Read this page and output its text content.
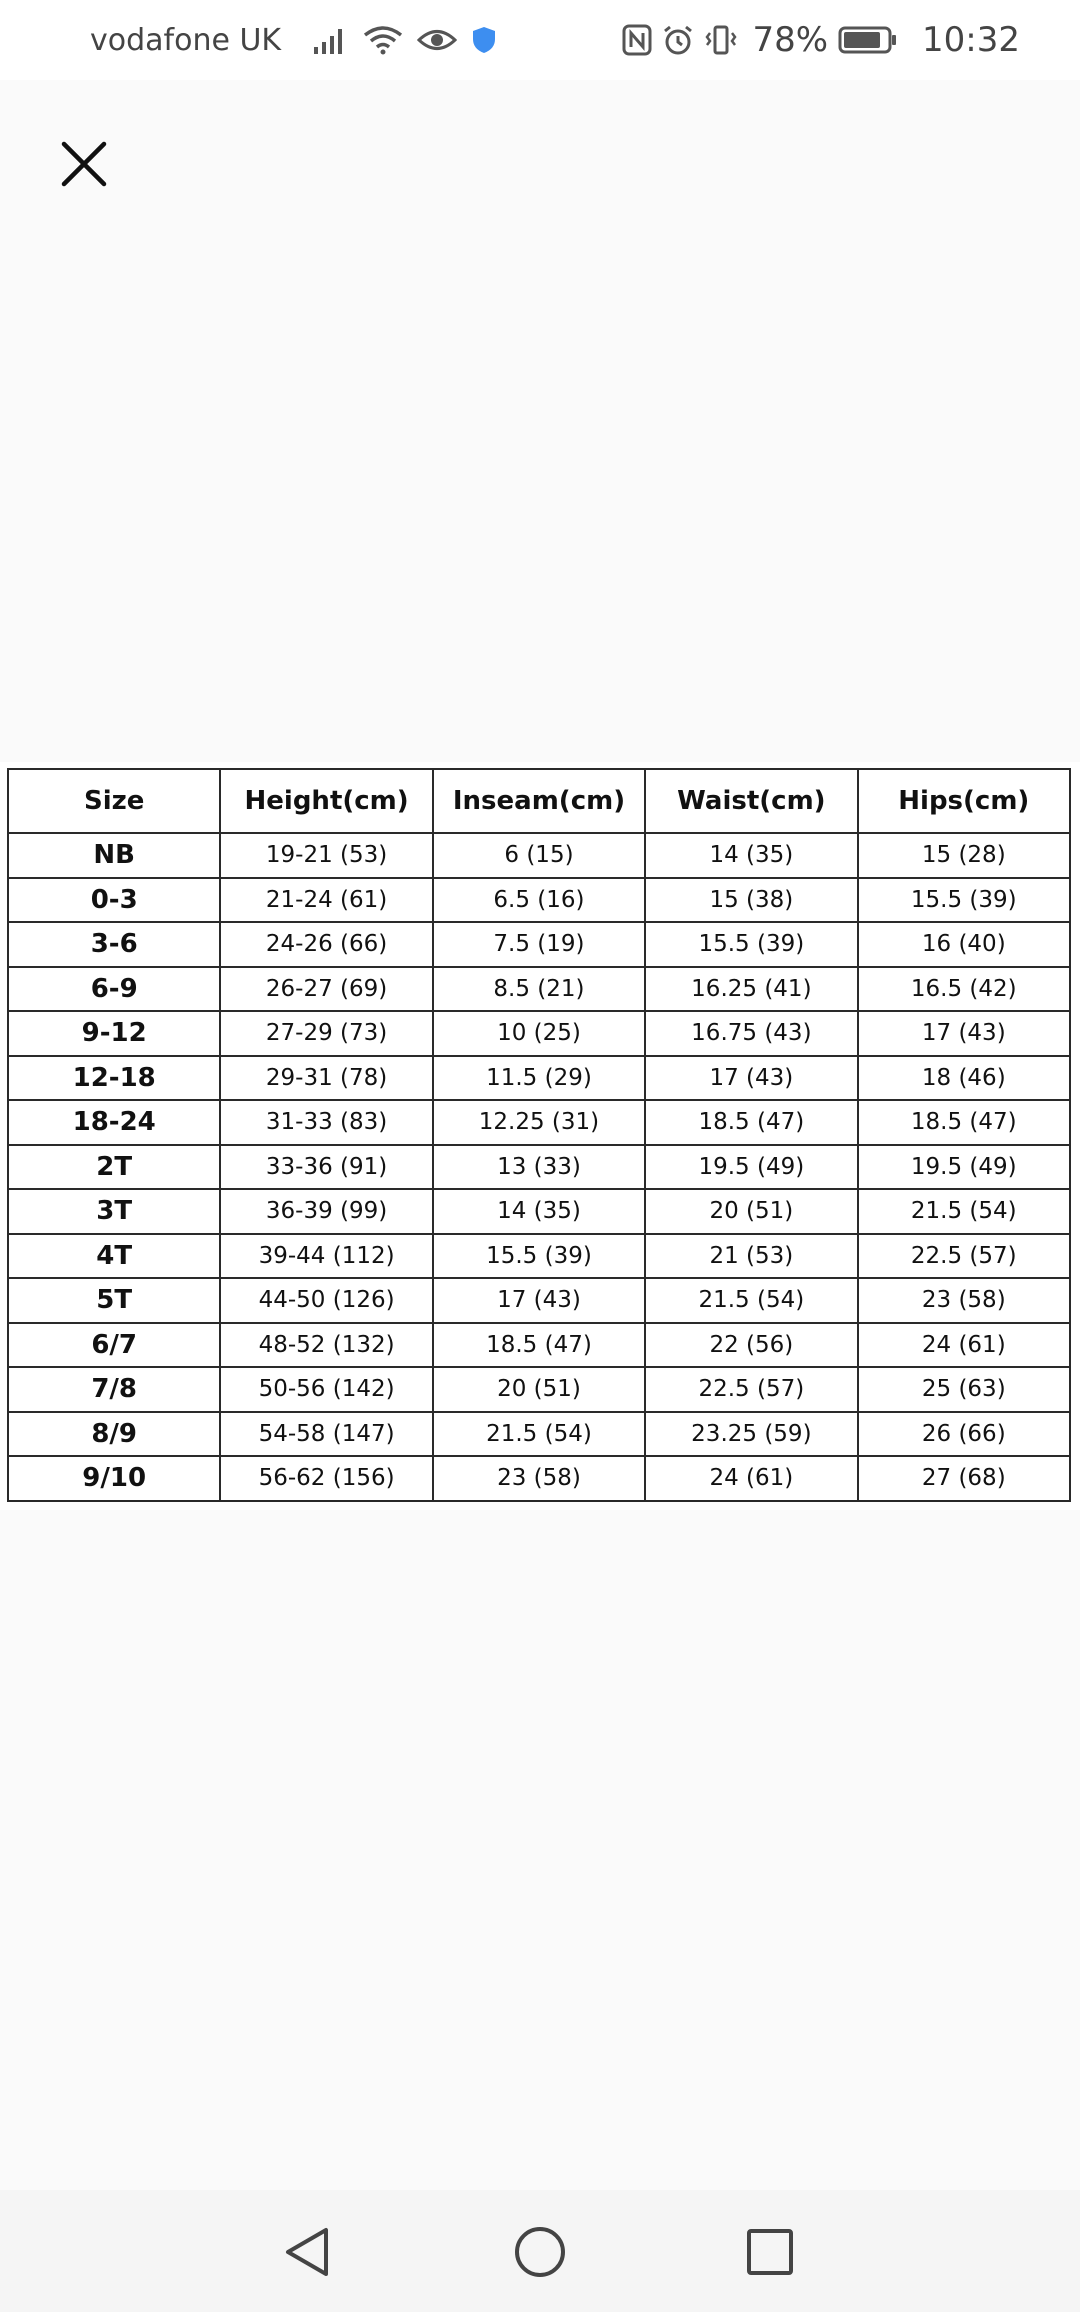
vodafone UK	78%	10:32
Size	Height(cm)	Inseam(cm)	Waist(cm)	Hips(cm)
NB	19-21 (53)	6 (15)	14 (35)	15 (28)
0-3	21-24 (61)	6.5 (16)	15 (38)	15.5 (39)
3-6	24-26 (66)	7.5 (19)	15.5 (39)	16 (40)
6-9	26-27 (69)	8.5 (21)	16.25 (41)	16.5 (42)
9-12	27-29 (73)	10 (25)	16.75 (43)	17 (43)
12-18	29-31 (78)	11.5 (29)	17 (43)	18 (46)
18-24	31-33 (83)	12.25 (31)	18.5 (47)	18.5 (47)
2T	33-36 (91)	13 (33)	19.5 (49)	19.5 (49)
3T	36-39 (99)	14 (35)	20 (51)	21.5 (54)
4T	39-44 (112)	15.5 (39)	21 (53)	22.5 (57)
5T	44-50 (126)	17 (43)	21.5 (54)	23 (58)
6/7	48-52 (132)	18.5 (47)	22 (56)	24 (61)
7/8	50-56 (142)	20 (51)	22.5 (57)	25 (63)
8/9	54-58 (147)	21.5 (54)	23.25 (59)	26 (66)
9/10	56-62 (156)	23 (58)	24 (61)	27 (68)
